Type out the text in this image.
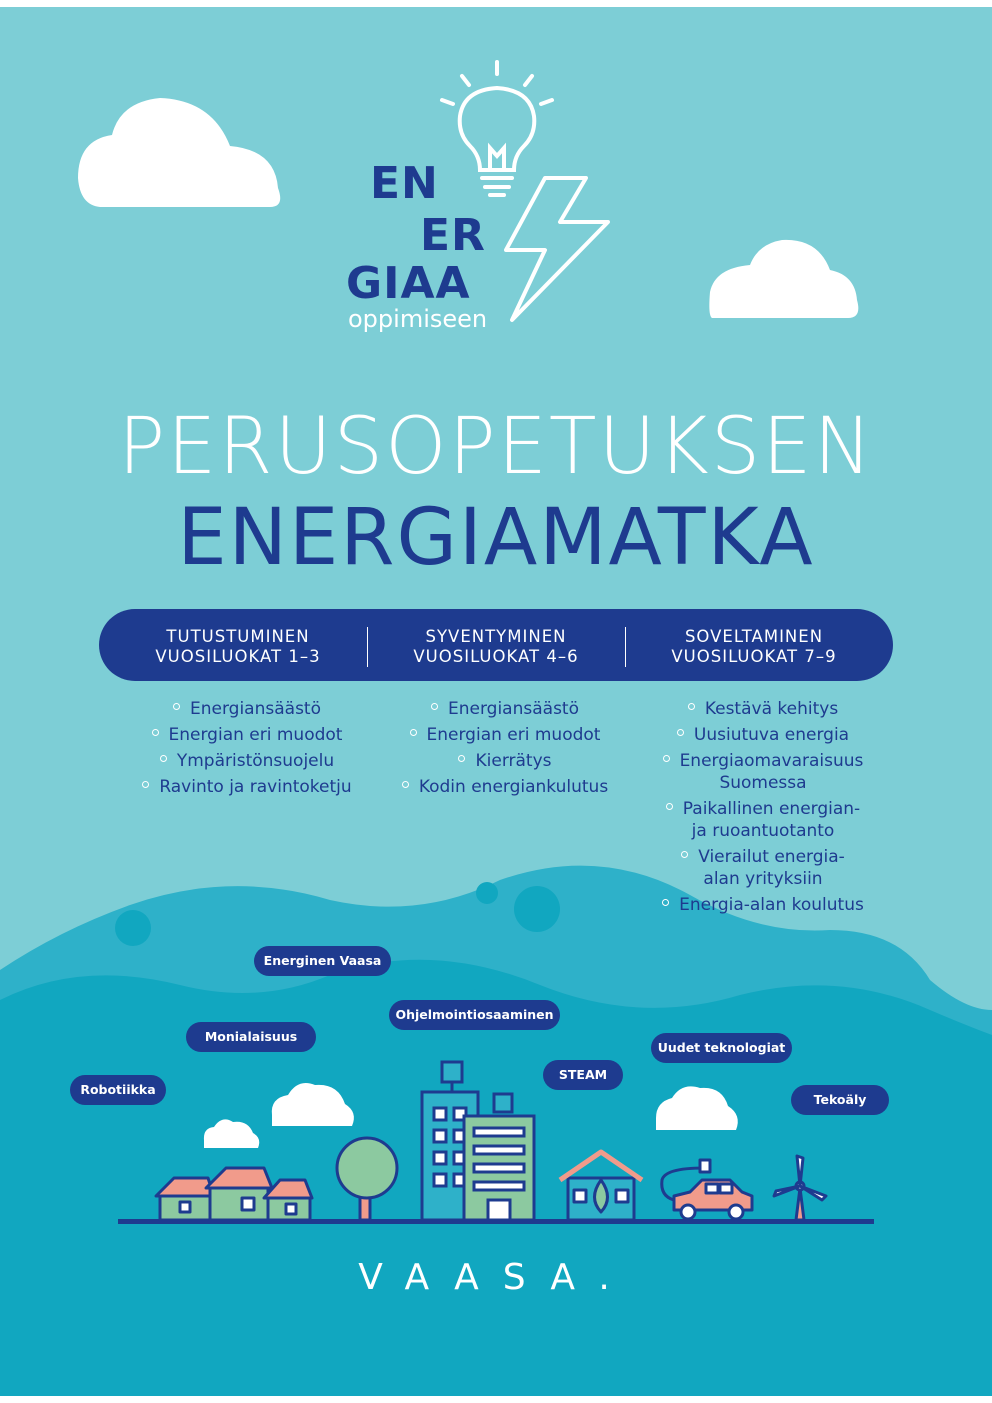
EN
ER
GIAA
oppimiseen
PERUSOPETUKSEN
ENERGIAMATKA
TUTUSTUMINEN
VUOSILUOKAT 1–3
SYVENTYMINEN
VUOSILUOKAT 4–6
SOVELTAMINEN
VUOSILUOKAT 7–9
Energiansäästö
Energian eri muodot
Ympäristönsuojelu
Ravinto ja ravintoketju
Energiansäästö
Energian eri muodot
Kierrätys
Kodin energiankulutus
Kestävä kehitys
Uusiutuva energia
Energiaomavaraisuus
Suomessa
Paikallinen energian-
ja ruoantuotanto
Vierailut energia-
alan yrityksiin
Energia-alan koulutus
Energinen Vaasa
Monialaisuus
Ohjelmointiosaaminen
Robotiikka
STEAM
Uudet teknologiat
Tekoäly
VAASA.
